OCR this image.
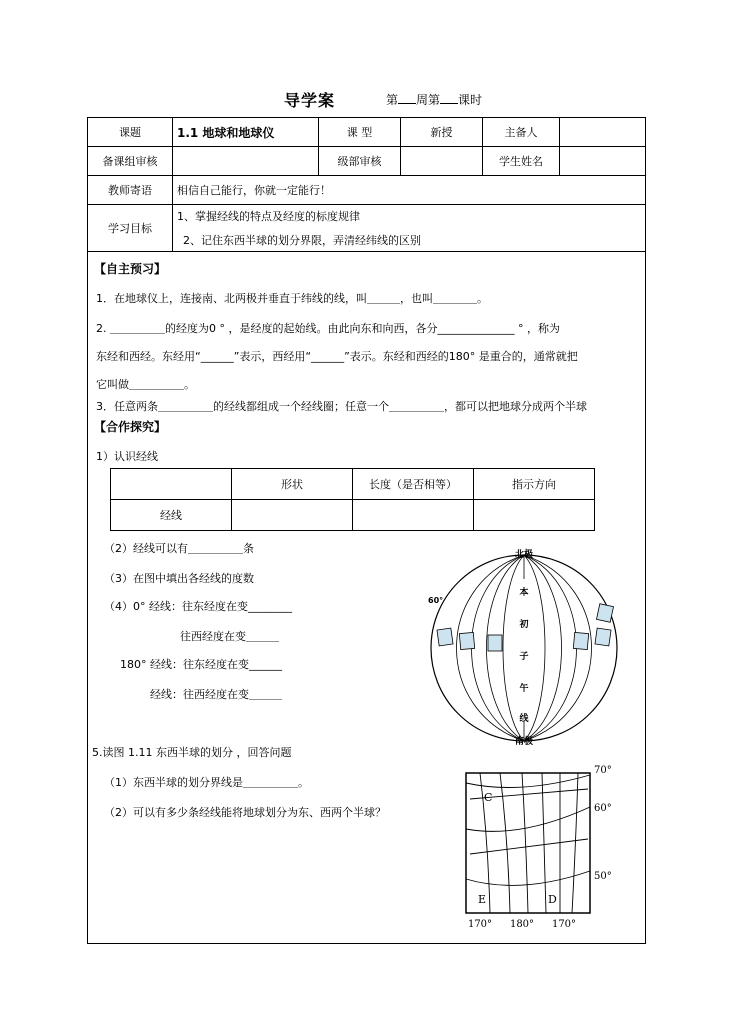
导学案	第 周第 课时
课题	1.1 地球和地球仪	课 型	新授	主备人	
备课组审核		级部审核		学生姓名	
教师寄语	相信自己能行，你就一定能行！				
学习目标	1、掌握经线的特点及经度的标度规律
2、记住东西半球的划分界限，弄清经纬线的区别				
【自主预习】
1．在地球仪上，连接南、北两极并垂直于纬线的线，叫＿＿＿，也叫＿＿＿＿。
2. ＿＿＿＿＿的经度为0 ° ，是经度的起始线。由此向东和向西，各分______________ ° ，称为
东经和西经。东经用“______”表示，西经用“______”表示。东经和西经的180° 是重合的，通常就把
它叫做＿＿＿＿＿。
3．任意两条＿＿＿＿＿的经线都组成一个经线圈；任意一个＿＿＿＿＿，都可以把地球分成两个半球
【合作探究】
1）认识经线
	形状	长度（是否相等）	指示方向
经线			
（2）经线可以有＿＿＿＿＿条
（3）在图中填出各经线的度数
（4）0° 经线：往东经度在变________
往西经度在变＿＿＿
180° 经线：往东经度在变______
经线：往西经度在变＿＿＿
5.读图 1.11 东西半球的划分 ，回答问题
（1）东西半球的划分界线是＿＿＿＿＿。
（2）可以有多少条经线能将地球划分为东、西两个半球？
北极
南极
本
初
子
午
线
60°
70°
60°
50°
C
E	D
170° 180° 170°
